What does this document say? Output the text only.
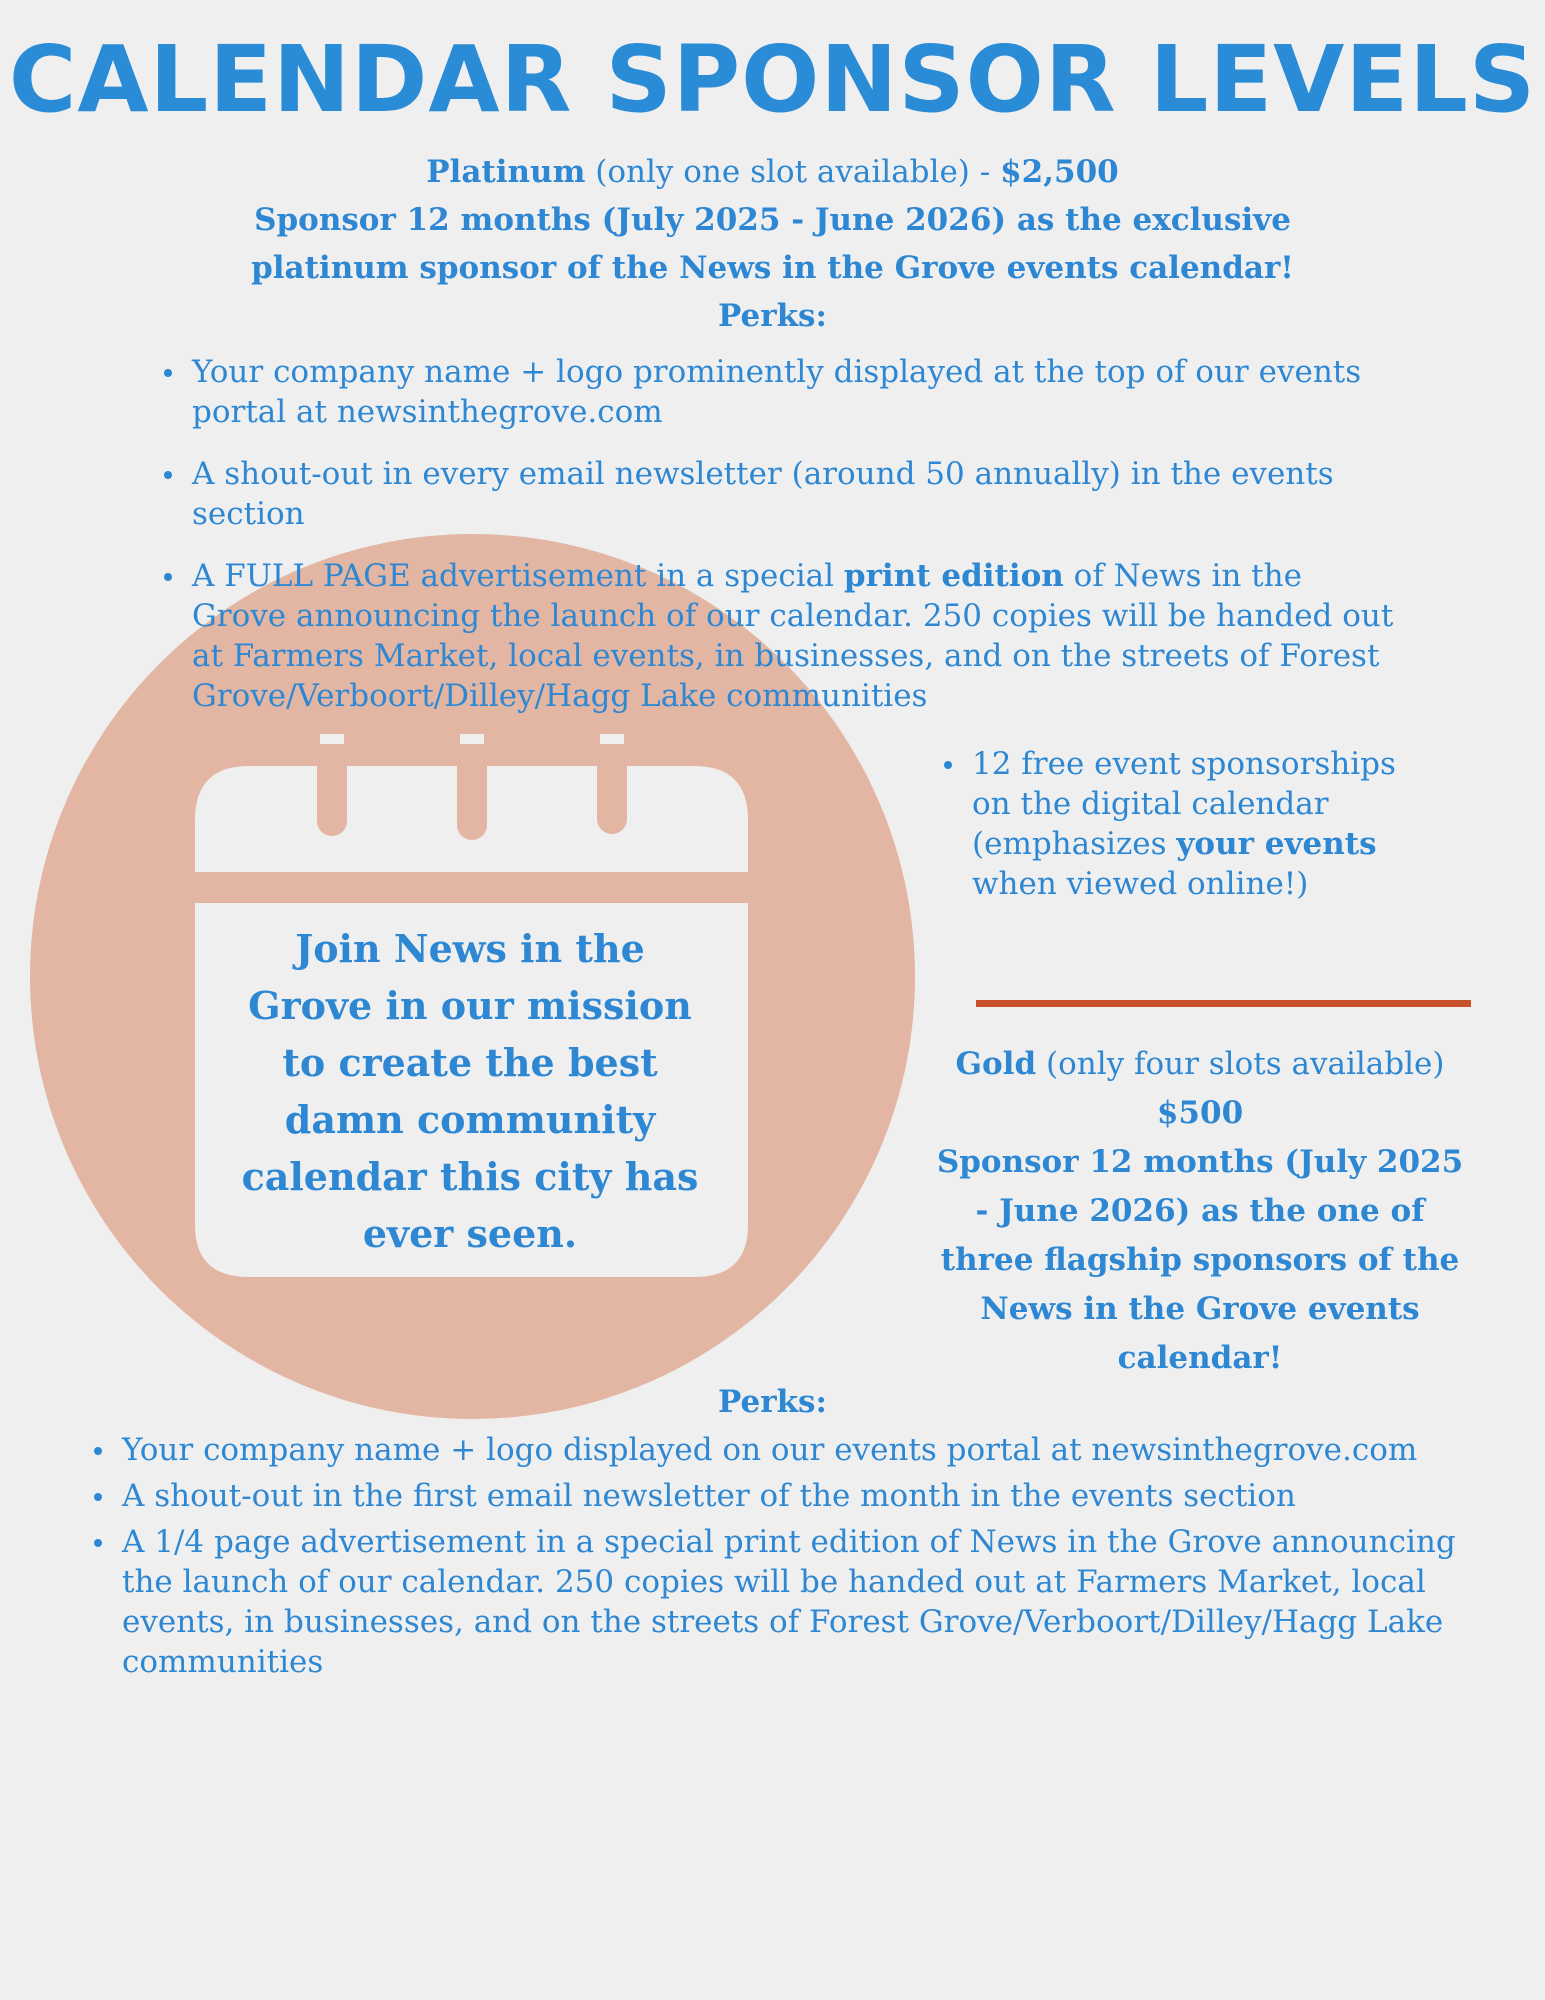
CALENDAR SPONSOR LEVELS
Join News in the Grove in our mission to create the best damn community calendar this city has ever seen.
Platinum (only one slot available) - $2,500
Sponsor 12 months (July 2025 - June 2026) as the exclusive
platinum sponsor of the News in the Grove events calendar!
Perks:
Your company name + logo prominently displayed at the top of our events portal at newsinthegrove.com
A shout-out in every email newsletter (around 50 annually) in the events section
A FULL PAGE advertisement in a special print edition of News in the Grove announcing the launch of our calendar. 250 copies will be handed out at Farmers Market, local events, in businesses, and on the streets of Forest Grove/Verboort/Dilley/Hagg Lake communities
12 free event sponsorships on the digital calendar (emphasizes your events when viewed online!)
Gold (only four slots available)
$500
Sponsor 12 months (July 2025 - June 2026) as the one of three flagship sponsors of the News in the Grove events calendar!
Perks:
Your company name + logo displayed on our events portal at newsinthegrove.com
A shout-out in the first email newsletter of the month in the events section
A 1/4 page advertisement in a special print edition of News in the Grove announcing the launch of our calendar. 250 copies will be handed out at Farmers Market, local events, in businesses, and on the streets of Forest Grove/Verboort/Dilley/Hagg Lake communities
